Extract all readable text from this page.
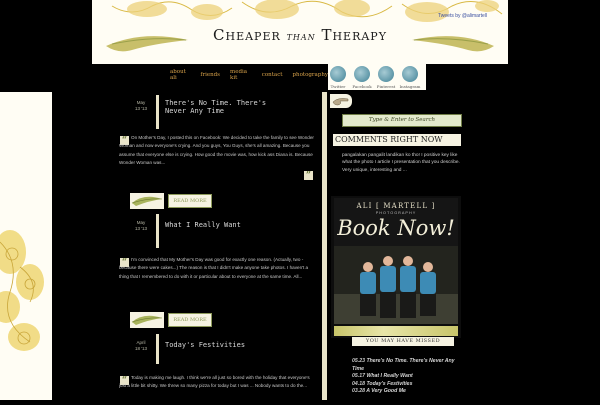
Tweets by @alimartell
Cheaper than Therapy
about ali	friends media kit	contact photography
Twitter	Facebook	Pinterest	Instagram
May
13 '13
There's No Time. There's Never Any Time
“ On Mother's Day, I posted this on Facebook: We decided to take the family to see Wonder Woman and now everyone's crying. And you guys, You Guys, she's all amazing. Because you assume that everyone else is crying. How good the movie was, how kick ass Diana is. Because Wonder Woman was...
”
READ MORE
May
13 '13	What I Really Want
“ I'm convinced that My Mother's Day was good for exactly one reason. (Actually, two - because there were cakes...) The reason is that I didn't make anyone take photos. I haven't a thing that I remembered to do with it or particular about to everyone at the same time. All...
READ MORE
April
18 '13	Today's Festivities
“ Today is making me laugh. I think we're all just so bored with the holiday that everyone's just a little bit shitty. We threw so many pizza for today but I was ... Nobody wants to do the...
Type & Enter to Search
COMMENTS RIGHT NOW
pangalakan pangalit landikan ko tho! I positive key like what the photo I article I presentation that you describe. Very unique, interesting and ...
ALI [ MARTELL ]
PHOTOGRAPHY
Book Now!
YOU MAY HAVE MISSED
05.23 There's No Time. There's Never Any Time
05.17 What I Really Want
04.18 Today's Festivities
03.28 A Very Good Me
